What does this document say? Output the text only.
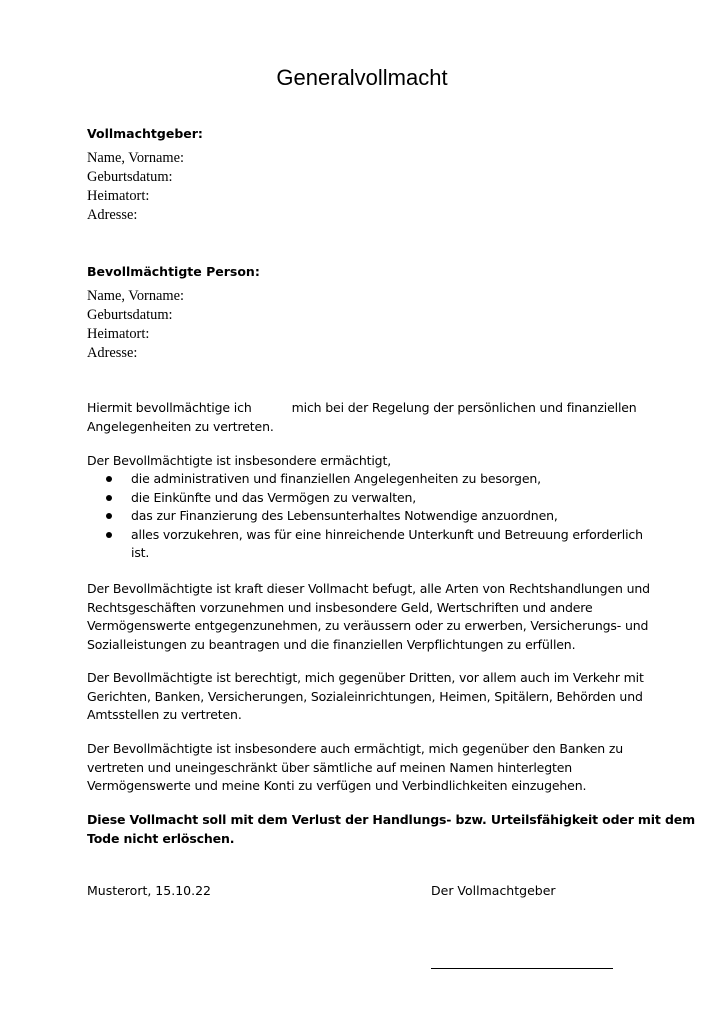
Generalvollmacht
Vollmachtgeber:
Name, Vorname:
Geburtsdatum:
Heimatort:
Adresse:
Bevollmächtigte Person:
Name, Vorname:
Geburtsdatum:
Heimatort:
Adresse:
Hiermit bevollmächtige ich	mich bei der Regelung der persönlichen und finanziellen
Angelegenheiten zu vertreten.
Der Bevollmächtigte ist insbesondere ermächtigt,
die administrativen und finanziellen Angelegenheiten zu besorgen,
die Einkünfte und das Vermögen zu verwalten,
das zur Finanzierung des Lebensunterhaltes Notwendige anzuordnen,
alles vorzukehren, was für eine hinreichende Unterkunft und Betreuung erforderlich
ist.
Der Bevollmächtigte ist kraft dieser Vollmacht befugt, alle Arten von Rechtshandlungen und
Rechtsgeschäften vorzunehmen und insbesondere Geld, Wertschriften und andere
Vermögenswerte entgegenzunehmen, zu veräussern oder zu erwerben, Versicherungs- und
Sozialleistungen zu beantragen und die finanziellen Verpflichtungen zu erfüllen.
Der Bevollmächtigte ist berechtigt, mich gegenüber Dritten, vor allem auch im Verkehr mit
Gerichten, Banken, Versicherungen, Sozialeinrichtungen, Heimen, Spitälern, Behörden und
Amtsstellen zu vertreten.
Der Bevollmächtigte ist insbesondere auch ermächtigt, mich gegenüber den Banken zu
vertreten und uneingeschränkt über sämtliche auf meinen Namen hinterlegten
Vermögenswerte und meine Konti zu verfügen und Verbindlichkeiten einzugehen.
Diese Vollmacht soll mit dem Verlust der Handlungs- bzw. Urteilsfähigkeit oder mit dem
Tode nicht erlöschen.
Musterort, 15.10.22	Der Vollmachtgeber
